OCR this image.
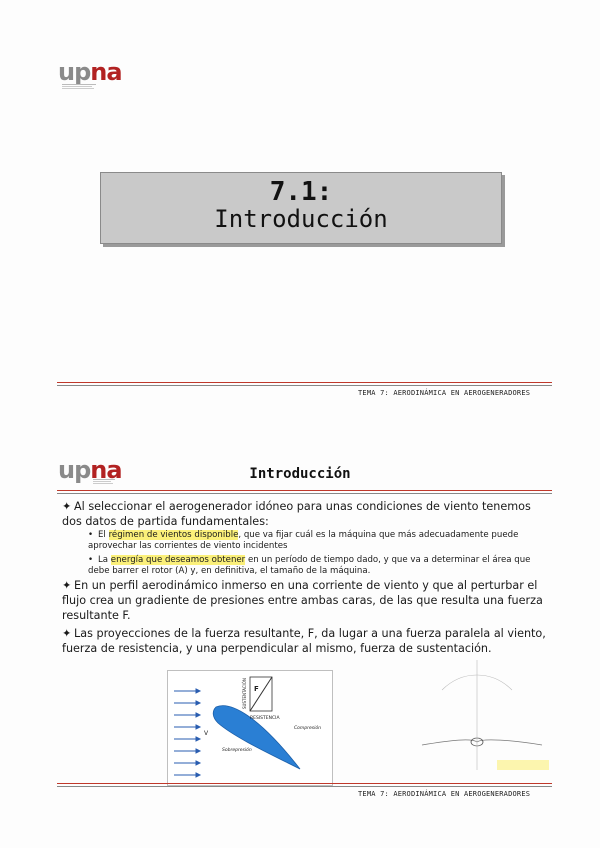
upna
7.1:
Introducción
TEMA 7: AERODINÁMICA EN AEROGENERADORES
upna	Introducción
✦ Al seleccionar el aerogenerador idóneo para unas condiciones de viento tenemos dos datos de partida fundamentales:
• El régimen de vientos disponible, que va fijar cuál es la máquina que más adecuadamente puede aprovechar las corrientes de viento incidentes
• La energía que deseamos obtener en un período de tiempo dado, y que va a determinar el área que debe barrer el rotor (A) y, en definitiva, el tamaño de la máquina.
✦ En un perfil aerodinámico inmerso en una corriente de viento y que al perturbar el flujo crea un gradiente de presiones entre ambas caras, de las que resulta una fuerza resultante F.
✦ Las proyecciones de la fuerza resultante, F, da lugar a una fuerza paralela al viento, fuerza de resistencia, y una perpendicular al mismo, fuerza de sustentación.
F
SUSTENTACIÓN
RESISTENCIA
V
Compresión
Sobrepresión
TEMA 7: AERODINÁMICA EN AEROGENERADORES
